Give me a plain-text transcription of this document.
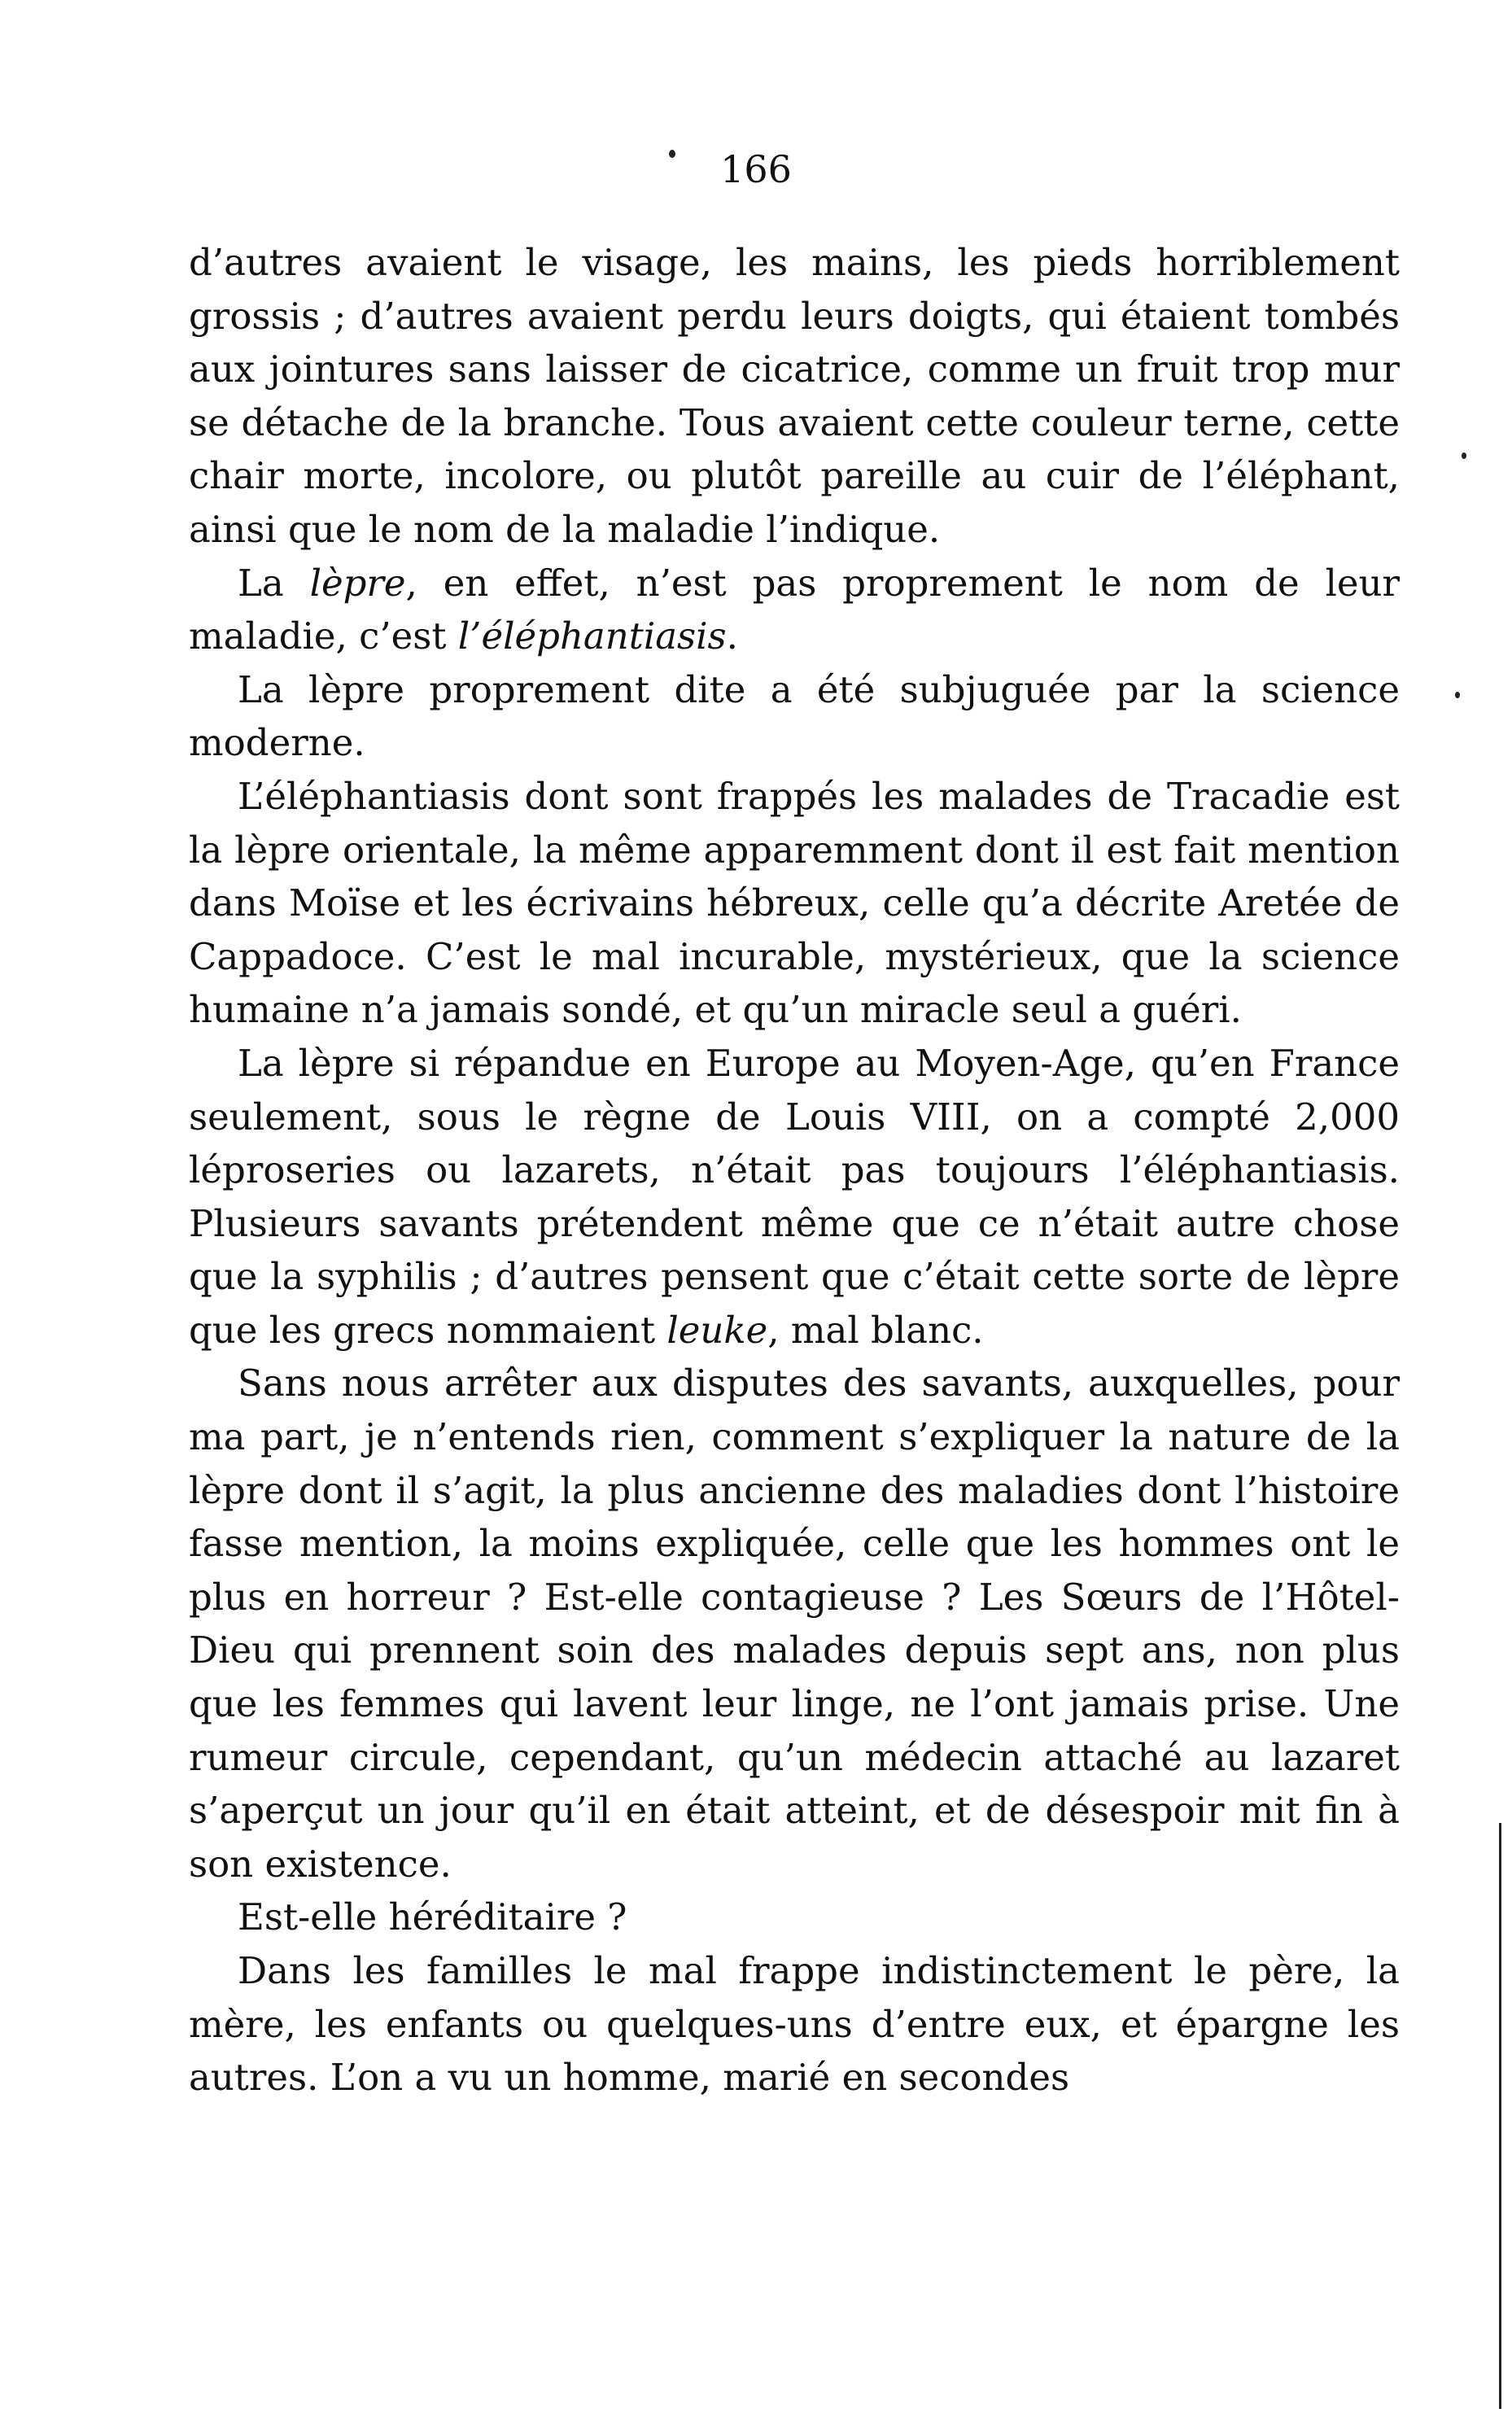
166

d’autres avaient le visage, les mains, les pieds horriblement grossis ; d’autres avaient perdu leurs doigts, qui étaient tombés aux jointures sans laisser de cicatrice, comme un fruit trop mur se détache de la branche. Tous avaient cette couleur terne, cette chair morte, incolore, ou plutôt pareille au cuir de l’éléphant, ainsi que le nom de la maladie l’indique.

La lèpre, en effet, n’est pas proprement le nom de leur maladie, c’est l’éléphantiasis.

La lèpre proprement dite a été subjuguée par la science moderne.

L’éléphantiasis dont sont frappés les malades de Tracadie est la lèpre orientale, la même apparemment dont il est fait mention dans Moïse et les écrivains hébreux, celle qu’a décrite Aretée de Cappadoce. C’est le mal incurable, mystérieux, que la science humaine n’a jamais sondé, et qu’un miracle seul a guéri.

La lèpre si répandue en Europe au Moyen-Age, qu’en France seulement, sous le règne de Louis VIII, on a compté 2,000 léproseries ou lazarets, n’était pas toujours l’éléphantiasis. Plusieurs savants prétendent même que ce n’était autre chose que la syphilis ; d’autres pensent que c’était cette sorte de lèpre que les grecs nommaient leuke, mal blanc.

Sans nous arrêter aux disputes des savants, auxquelles, pour ma part, je n’entends rien, comment s’expliquer la nature de la lèpre dont il s’agit, la plus ancienne des maladies dont l’histoire fasse mention, la moins expliquée, celle que les hommes ont le plus en horreur ? Est-elle contagieuse ? Les Sœurs de l’Hôtel-Dieu qui prennent soin des malades depuis sept ans, non plus que les femmes qui lavent leur linge, ne l’ont jamais prise. Une rumeur circule, cependant, qu’un médecin attaché au lazaret s’aperçut un jour qu’il en était atteint, et de désespoir mit fin à son existence.

Est-elle héréditaire ?

Dans les familles le mal frappe indistinctement le père, la mère, les enfants ou quelques-uns d’entre eux, et épargne les autres. L’on a vu un homme, marié en secondes
